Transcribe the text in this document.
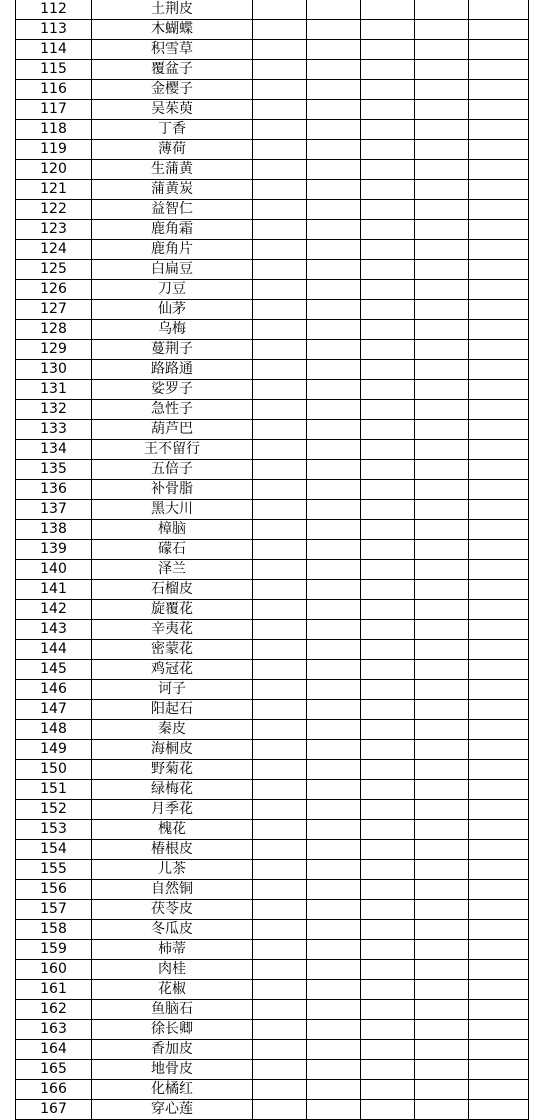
112	土荆皮					
113	木蝴蝶					
114	积雪草					
115	覆盆子					
116	金樱子					
117	吴茱萸					
118	丁香					
119	薄荷					
120	生蒲黄					
121	蒲黄炭					
122	益智仁					
123	鹿角霜					
124	鹿角片					
125	白扁豆					
126	刀豆					
127	仙茅					
128	乌梅					
129	蔓荆子					
130	路路通					
131	娑罗子					
132	急性子					
133	葫芦巴					
134	王不留行					
135	五倍子					
136	补骨脂					
137	黑大川					
138	樟脑					
139	礞石					
140	泽兰					
141	石榴皮					
142	旋覆花					
143	辛夷花					
144	密蒙花					
145	鸡冠花					
146	诃子					
147	阳起石					
148	秦皮					
149	海桐皮					
150	野菊花					
151	绿梅花					
152	月季花					
153	槐花					
154	椿根皮					
155	儿茶					
156	自然铜					
157	茯苓皮					
158	冬瓜皮					
159	柿蒂					
160	肉桂					
161	花椒					
162	鱼脑石					
163	徐长卿					
164	香加皮					
165	地骨皮					
166	化橘红					
167	穿心莲					
